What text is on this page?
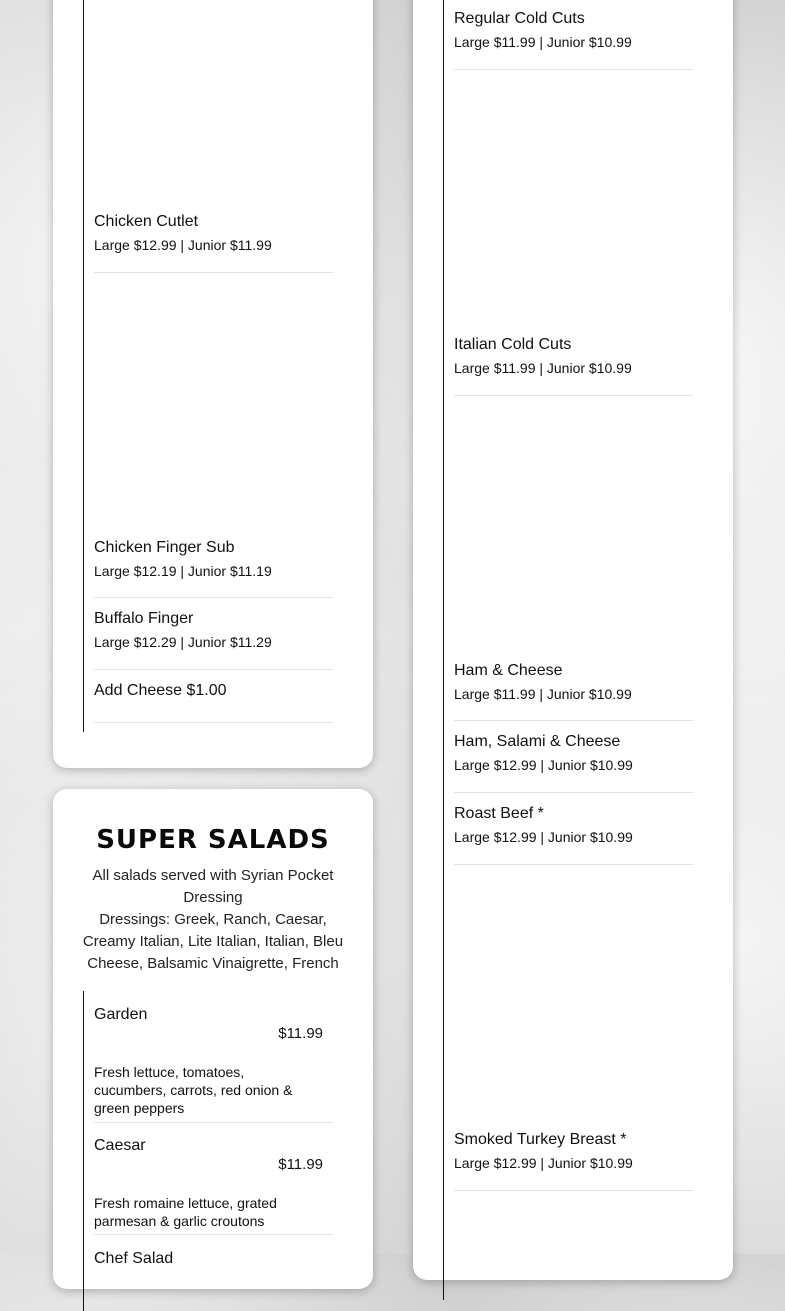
Chicken Cutlet
Large $12.99 | Junior $11.99
Chicken Finger Sub
Large $12.19 | Junior $11.19
Buffalo Finger
Large $12.29 | Junior $11.29
Add Cheese $1.00
SUPER SALADS
All salads served with Syrian Pocket Dressing
Dressings: Greek, Ranch, Caesar, Creamy Italian, Lite Italian, Italian, Bleu Cheese, Balsamic Vinaigrette, French
Garden
$11.99
Fresh lettuce, tomatoes, cucumbers, carrots, red onion & green peppers
Caesar
$11.99
Fresh romaine lettuce, grated parmesan & garlic croutons
Chef Salad
Regular Cold Cuts
Large $11.99 | Junior $10.99
Italian Cold Cuts
Large $11.99 | Junior $10.99
Ham & Cheese
Large $11.99 | Junior $10.99
Ham, Salami & Cheese
Large $12.99 | Junior $10.99
Roast Beef *
Large $12.99 | Junior $10.99
Smoked Turkey Breast *
Large $12.99 | Junior $10.99
